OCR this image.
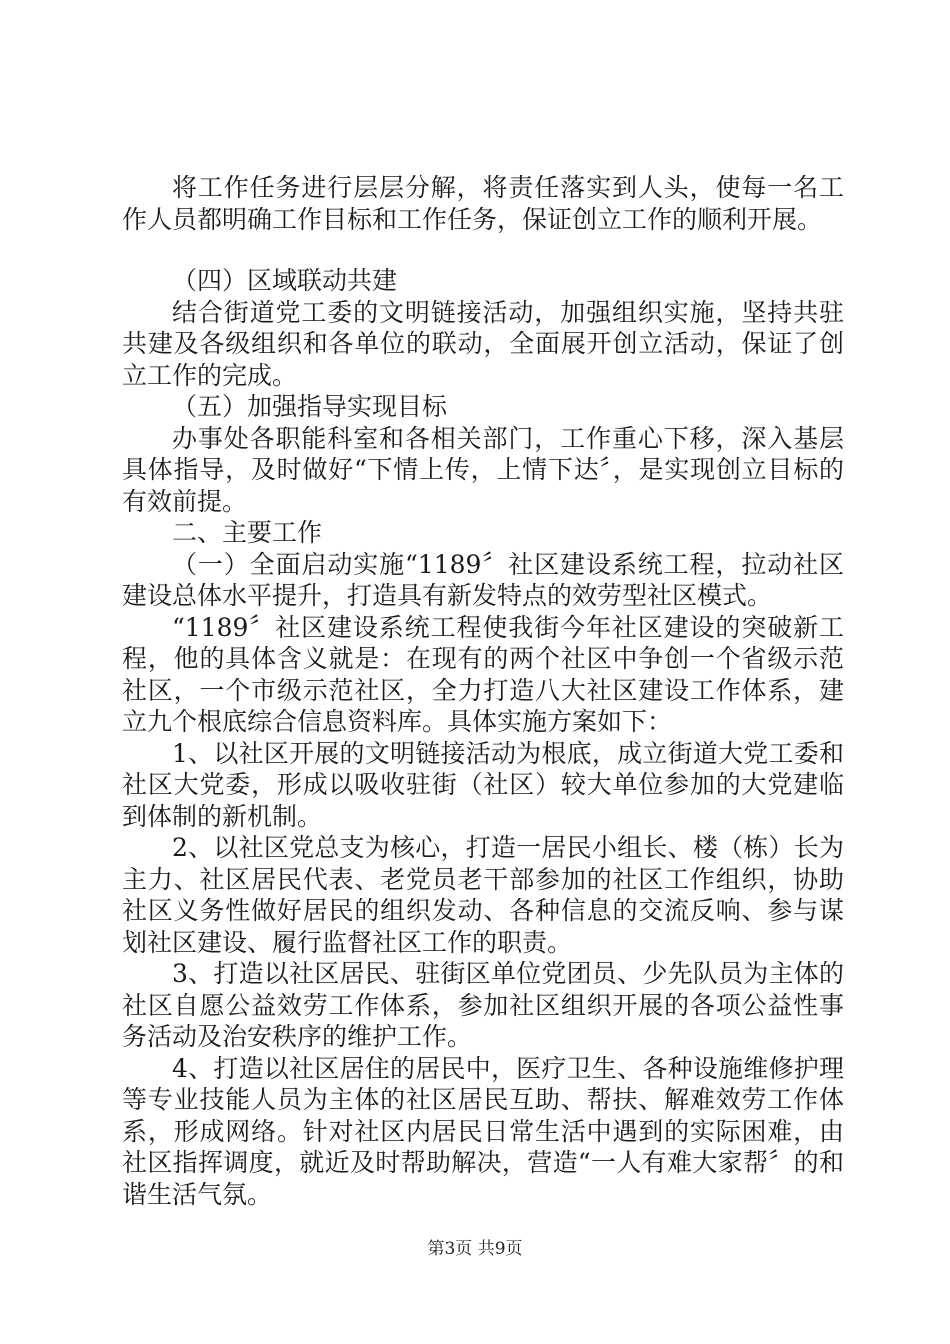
将工作任务进行层层分解，将责任落实到人头，使每一名工作人员都明确工作目标和工作任务，保证创立工作的顺利开展。

（四）区域联动共建

结合街道党工委的文明链接活动，加强组织实施，坚持共驻共建及各级组织和各单位的联动，全面展开创立活动，保证了创立工作的完成。

（五）加强指导实现目标

办事处各职能科室和各相关部门，工作重心下移，深入基层具体指导，及时做好“下情上传，上情下达〞，是实现创立目标的有效前提。

二、主要工作

（一）全面启动实施“1189〞社区建设系统工程，拉动社区建设总体水平提升，打造具有新发特点的效劳型社区模式。

“1189〞社区建设系统工程使我街今年社区建设的突破新工程，他的具体含义就是：在现有的两个社区中争创一个省级示范社区，一个市级示范社区，全力打造八大社区建设工作体系，建立九个根底综合信息资料库。具体实施方案如下：

1、以社区开展的文明链接活动为根底，成立街道大党工委和社区大党委，形成以吸收驻街（社区）较大单位参加的大党建临到体制的新机制。

2、以社区党总支为核心，打造一居民小组长、楼（栋）长为主力、社区居民代表、老党员老干部参加的社区工作组织，协助社区义务性做好居民的组织发动、各种信息的交流反响、参与谋划社区建设、履行监督社区工作的职责。

3、打造以社区居民、驻街区单位党团员、少先队员为主体的社区自愿公益效劳工作体系，参加社区组织开展的各项公益性事务活动及治安秩序的维护工作。

4、打造以社区居住的居民中，医疗卫生、各种设施维修护理等专业技能人员为主体的社区居民互助、帮扶、解难效劳工作体系，形成网络。针对社区内居民日常生活中遇到的实际困难，由社区指挥调度，就近及时帮助解决，营造“一人有难大家帮〞的和谐生活气氛。

第3页 共9页
